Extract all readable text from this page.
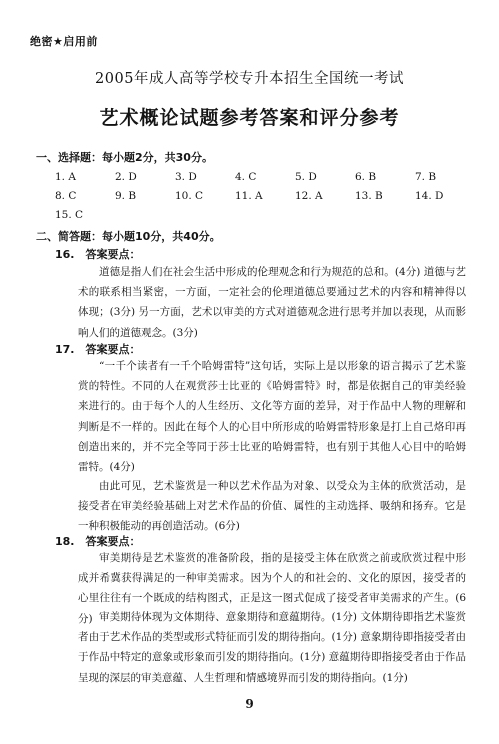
绝密★启用前
2005年成人高等学校专升本招生全国统一考试
艺术概论试题参考答案和评分参考
一、选择题：每小题2分，共30分。
1. A	2. D	3. D	4. C	5. D	6. B	7. B
8. C	9. B	10. C	11. A	12. A	13. B	14. D
15. C
二、简答题：每小题10分，共40分。
16.　答案要点：
道德是指人们在社会生活中形成的伦理观念和行为规范的总和。(4分) 道德与艺术的联系相当紧密，一方面，一定社会的伦理道德总要通过艺术的内容和精神得以体现；(3分) 另一方面，艺术以审美的方式对道德观念进行思考并加以表现，从而影响人们的道德观念。(3分)
17.　答案要点：
“一千个读者有一千个哈姆雷特”这句话，实际上是以形象的语言揭示了艺术鉴赏的特性。不同的人在观赏莎士比亚的《哈姆雷特》时，都是依据自己的审美经验来进行的。由于每个人的人生经历、文化等方面的差异，对于作品中人物的理解和判断是不一样的。因此在每个人的心目中所形成的哈姆雷特形象是打上自己烙印再创造出来的，并不完全等同于莎士比亚的哈姆雷特，也有别于其他人心目中的哈姆雷特。(4分)
由此可见，艺术鉴赏是一种以艺术作品为对象、以受众为主体的欣赏活动，是接受者在审美经验基础上对艺术作品的价值、属性的主动选择、吸纳和扬弃。它是一种积极能动的再创造活动。(6分)
18.　答案要点：
审美期待是艺术鉴赏的准备阶段，指的是接受主体在欣赏之前或欣赏过程中形成并希冀获得满足的一种审美需求。因为个人的和社会的、文化的原因，接受者的心里往往有一个既成的结构图式，正是这一图式促成了接受者审美需求的产生。(6分) 审美期待体现为文体期待、意象期待和意蕴期待。(1分) 文体期待即指艺术鉴赏者由于艺术作品的类型或形式特征而引发的期待指向。(1分) 意象期待即指接受者由于作品中特定的意象或形象而引发的期待指向。(1分) 意蕴期待即指接受者由于作品呈现的深层的审美意蕴、人生哲理和情感境界而引发的期待指向。(1分)
9
